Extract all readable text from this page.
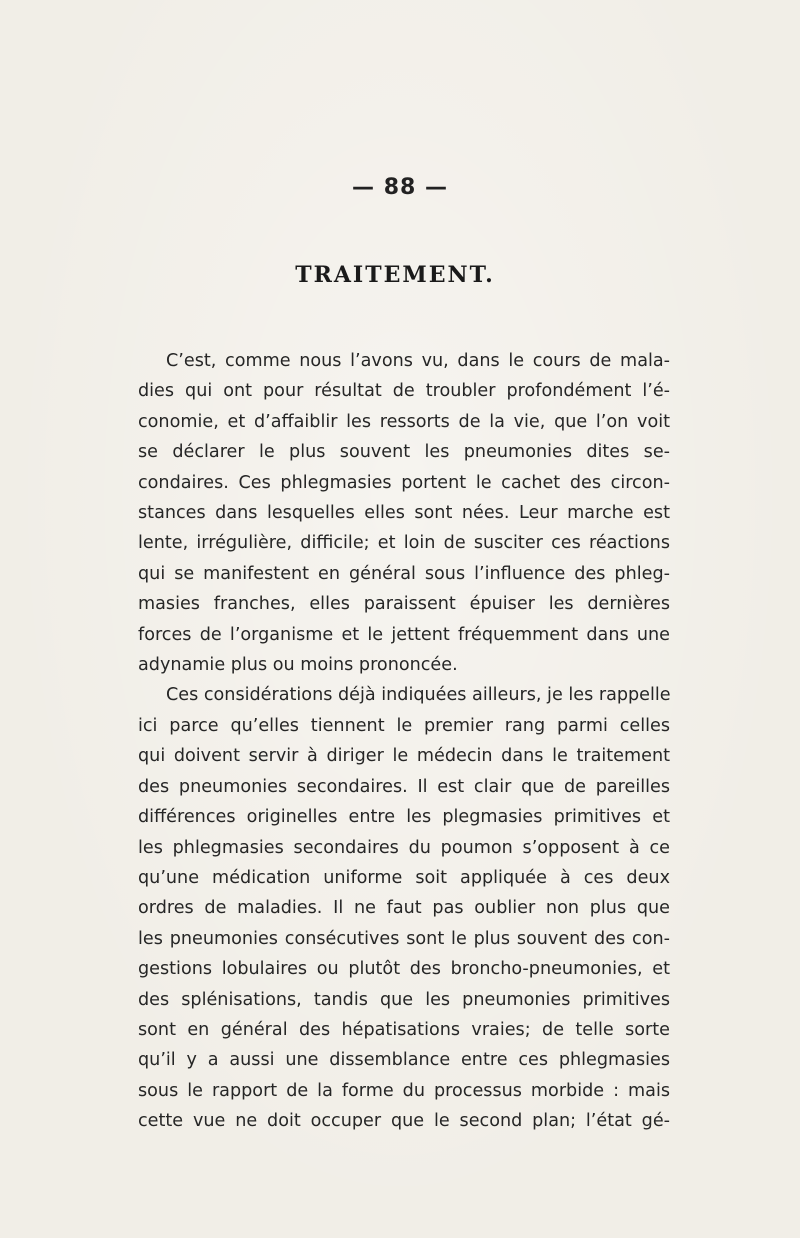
— 88 —
TRAITEMENT.
C’est, comme nous l’avons vu, dans le cours de mala-
dies qui ont pour résultat de troubler profondément l’é-
conomie, et d’affaiblir les ressorts de la vie, que l’on voit
se déclarer le plus souvent les pneumonies dites se-
condaires. Ces phlegmasies portent le cachet des circon-
stances dans lesquelles elles sont nées. Leur marche est
lente, irrégulière, difficile; et loin de susciter ces réactions
qui se manifestent en général sous l’influence des phleg-
masies franches, elles paraissent épuiser les dernières
forces de l’organisme et le jettent fréquemment dans une
adynamie plus ou moins prononcée.
Ces considérations déjà indiquées ailleurs, je les rappelle
ici parce qu’elles tiennent le premier rang parmi celles
qui doivent servir à diriger le médecin dans le traitement
des pneumonies secondaires. Il est clair que de pareilles
différences originelles entre les plegmasies primitives et
les phlegmasies secondaires du poumon s’opposent à ce
qu’une médication uniforme soit appliquée à ces deux
ordres de maladies. Il ne faut pas oublier non plus que
les pneumonies consécutives sont le plus souvent des con-
gestions lobulaires ou plutôt des broncho-pneumonies, et
des splénisations, tandis que les pneumonies primitives
sont en général des hépatisations vraies; de telle sorte
qu’il y a aussi une dissemblance entre ces phlegmasies
sous le rapport de la forme du processus morbide : mais
cette vue ne doit occuper que le second plan; l’état gé-
